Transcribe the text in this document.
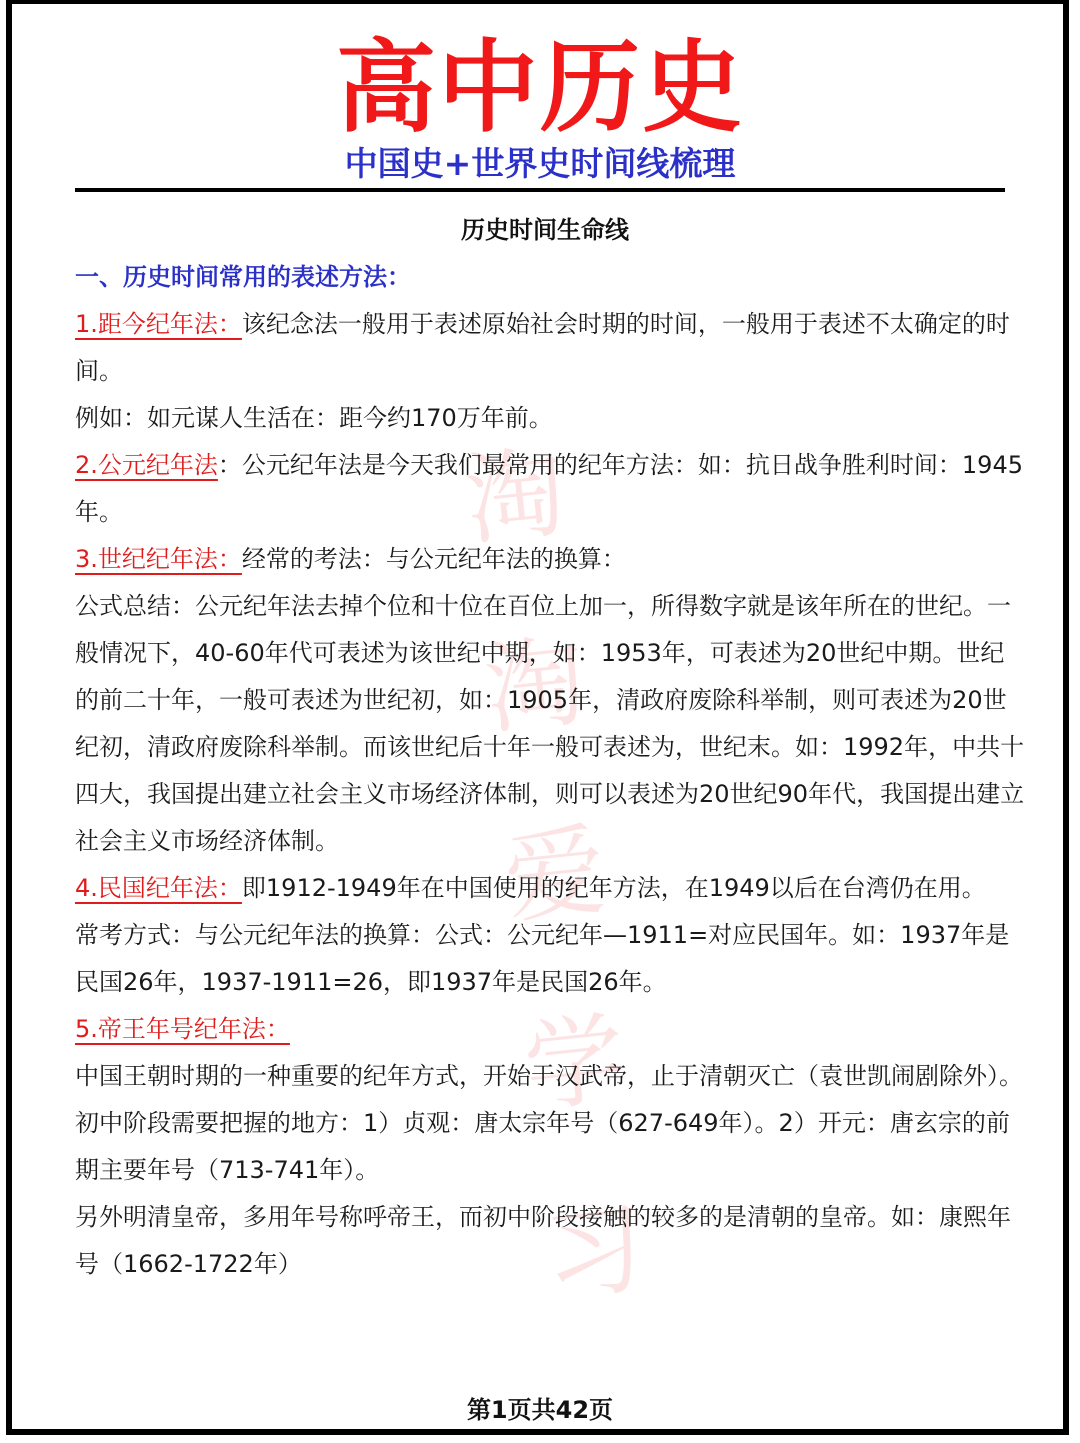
淘
淘
爱
学
习
高中历史
中国史+世界史时间线梳理
历史时间生命线
一、历史时间常用的表述方法：

1.距今纪年法：该纪念法一般用于表述原始社会时期的时间，一般用于表述不太确定的时间。

例如：如元谋人生活在：距今约170万年前。

2.公元纪年法：公元纪年法是今天我们最常用的纪年方法：如：抗日战争胜利时间：1945年。

3.世纪纪年法：经常的考法：与公元纪年法的换算：

公式总结：公元纪年法去掉个位和十位在百位上加一，所得数字就是该年所在的世纪。一般情况下，40-60年代可表述为该世纪中期，如：1953年，可表述为20世纪中期。世纪的前二十年，一般可表述为世纪初，如：1905年，清政府废除科举制，则可表述为20世纪初，清政府废除科举制。而该世纪后十年一般可表述为，世纪末。如：1992年，中共十四大，我国提出建立社会主义市场经济体制，则可以表述为20世纪90年代，我国提出建立社会主义市场经济体制。

4.民国纪年法：即1912-1949年在中国使用的纪年方法，在1949以后在台湾仍在用。

常考方式：与公元纪年法的换算：公式：公元纪年—1911=对应民国年。如：1937年是民国26年，1937-1911=26，即1937年是民国26年。

5.帝王年号纪年法：

中国王朝时期的一种重要的纪年方式，开始于汉武帝，止于清朝灭亡（袁世凯闹剧除外）。

初中阶段需要把握的地方：1）贞观：唐太宗年号（627-649年）。2）开元：唐玄宗的前期主要年号（713-741年）。

另外明清皇帝，多用年号称呼帝王，而初中阶段接触的较多的是清朝的皇帝。如：康熙年号（1662-1722年）

第1页共42页
